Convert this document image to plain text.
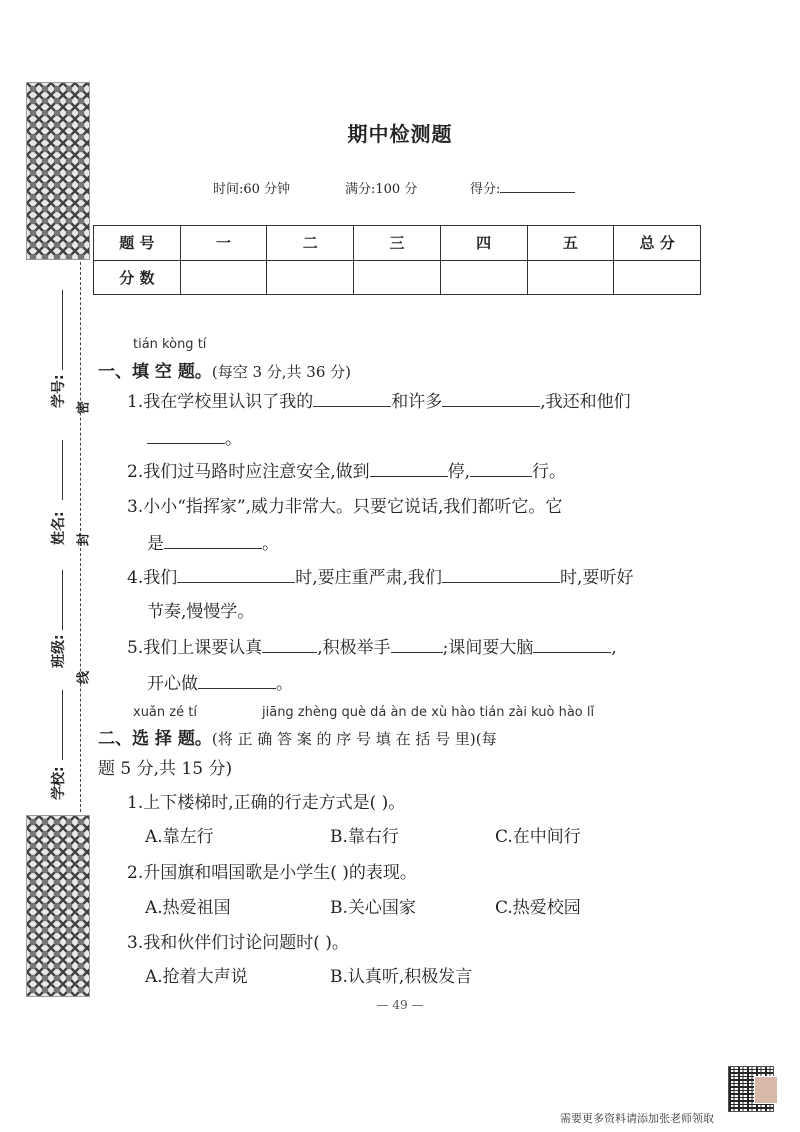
学号:
姓名:
班级:
学校:
密
封
线
期中检测题
时间:60 分钟	满分:100 分	得分:
题 号	一	二	三	四	五	总 分
分 数						
tián kòng tí
一、填 空 题。(每空 3 分,共 36 分)
1.我在学校里认识了我的	和许多	,我还和他们
。
2.我们过马路时应注意安全,做到	停,	行。
3.小小“指挥家”,威力非常大。只要它说话,我们都听它。它
是	。
4.我们	时,要庄重严肃,我们	时,要听好
节奏,慢慢学。
5.我们上课要认真	,积极举手	;课间要大脑	,
开心做	。
xuǎn zé tí	jiāng zhèng què dá àn de xù hào tián zài kuò hào lǐ
二、选 择 题。(将 正 确 答 案 的 序 号 填 在 括 号 里)(每
题 5 分,共 15 分)
1.上下楼梯时,正确的行走方式是( )。
A.靠左行	B.靠右行	C.在中间行
2.升国旗和唱国歌是小学生( )的表现。
A.热爱祖国	B.关心国家	C.热爱校园
3.我和伙伴们讨论问题时( )。
A.抢着大声说	B.认真听,积极发言
— 49 —
需要更多资料请添加张老师领取
